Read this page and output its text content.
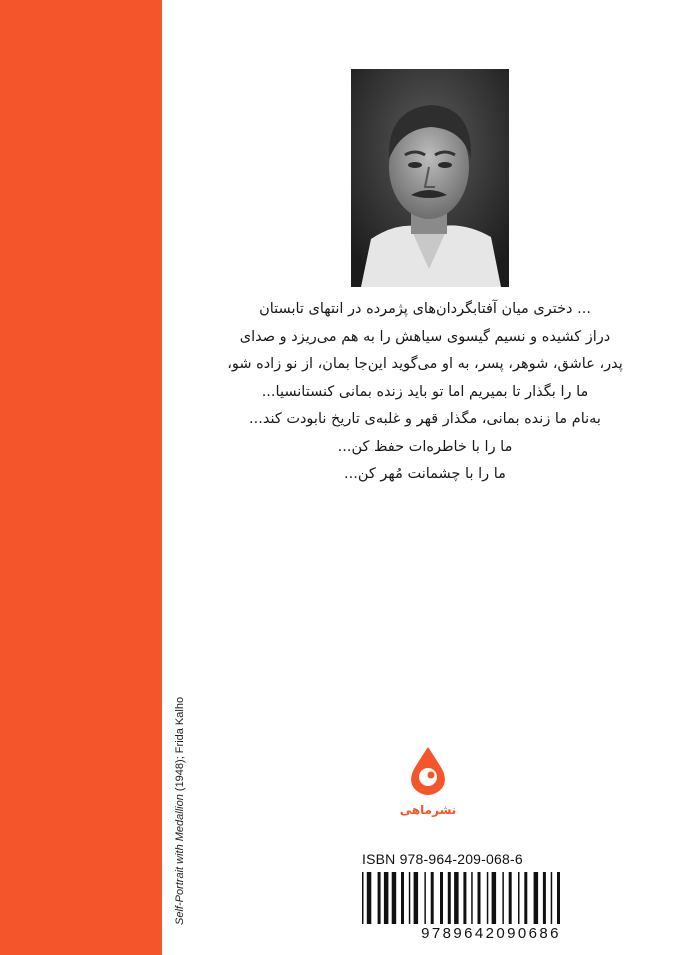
Self-Portrait with Medallion (1948); Frida Kalho
... دختری میان آفتابگردان‌های پژمرده در انتهای تابستان
دراز کشیده و نسیم گیسوی سیاهش را به هم می‌ریزد و صدای
پدر، عاشق، شوهر، پسر، به او می‌گوید این‌جا بمان، از نو زاده شو،
ما را بگذار تا بمیریم اما تو باید زنده بمانی کنستانسیا...
به‌نام ما زنده بمانی، مگذار قهر و غلبه‌ی تاریخ نابودت کند...
ما را با خاطره‌ات حفظ کن...
ما را با چشمانت مُهر کن...
نشرماهی
ISBN 978-964-209-068-6
9789642090686
